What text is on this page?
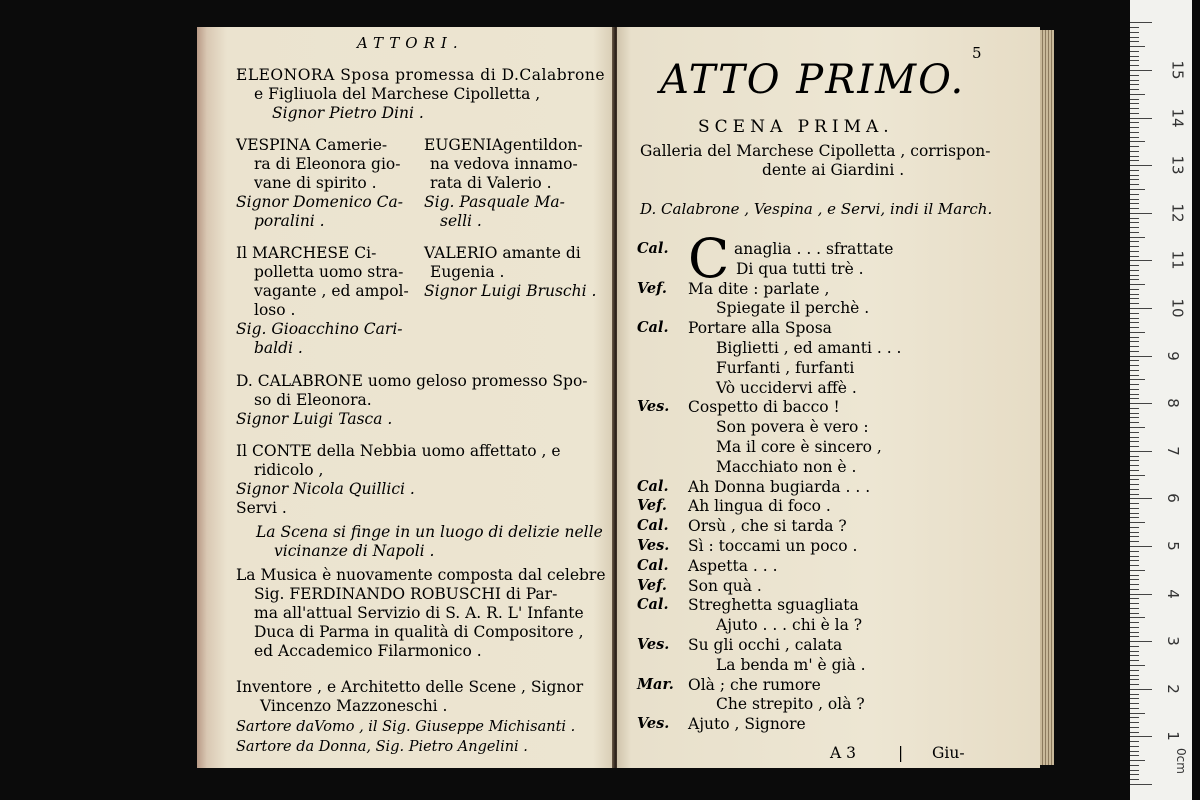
ATTORI.
ELEONORA Sposa promessa di D.Calabrone
e Figliuola del Marchese Cipolletta ,
Signor Pietro Dini .
VESPINA Camerie-
ra di Eleonora gio-
vane di spirito .
Signor Domenico Ca-
poralini .
EUGENIAgentildon-
na vedova innamo-
rata di Valerio .
Sig. Pasquale Ma-
selli .
Il MARCHESE Ci-
polletta uomo stra-
vagante , ed ampol-
loso .
Sig. Gioacchino Cari-
baldi .
VALERIO amante di
Eugenia .
Signor Luigi Bruschi .
D. CALABRONE uomo geloso promesso Spo-
so di Eleonora.
Signor Luigi Tasca .
Il CONTE della Nebbia uomo affettato , e
ridicolo ,
Signor Nicola Quillici .
Servi .
La Scena si finge in un luogo di delizie nelle
vicinanze di Napoli .
La Musica è nuovamente composta dal celebre
Sig. FERDINANDO ROBUSCHI di Par-
ma all'attual Servizio di S. A. R. L' Infante
Duca di Parma in qualità di Compositore ,
ed Accademico Filarmonico .
Inventore , e Architetto delle Scene , Signor
Vincenzo Mazzoneschi .
Sartore daVomo , il Sig. Giuseppe Michisanti .
Sartore da Donna, Sig. Pietro Angelini .
5
ATTO PRIMO.
SCENA PRIMA.
Galleria del Marchese Cipolletta , corrispon-
dente ai Giardini .
D. Calabrone , Vespina , e Servi, indi il March.
C
Cal.	anaglia . . . sfrattate
Di qua tutti trè .
Vef. Ma dite : parlate ,
Spiegate il perchè .
Cal. Portare alla Sposa
Biglietti , ed amanti . . .
Furfanti , furfanti
Vò uccidervi affè .
Ves. Cospetto di bacco !
Son povera è vero :
Ma il core è sincero ,
Macchiato non è .
Cal. Ah Donna bugiarda . . .
Vef. Ah lingua di foco .
Cal. Orsù , che si tarda ?
Ves. Sì : toccami un poco .
Cal. Aspetta . . .
Vef. Son quà .
Cal. Streghetta sguagliata
Ajuto . . . chi è la ?
Ves. Su gli occhi , calata
La benda m' è già .
Mar. Olà ; che rumore
Che strepito , olà ?
Ves. Ajuto , Signore
A 3	| Giu-	0cm
1
2
3
4
5
6
7
8
9
10
11
12
13
14
15
